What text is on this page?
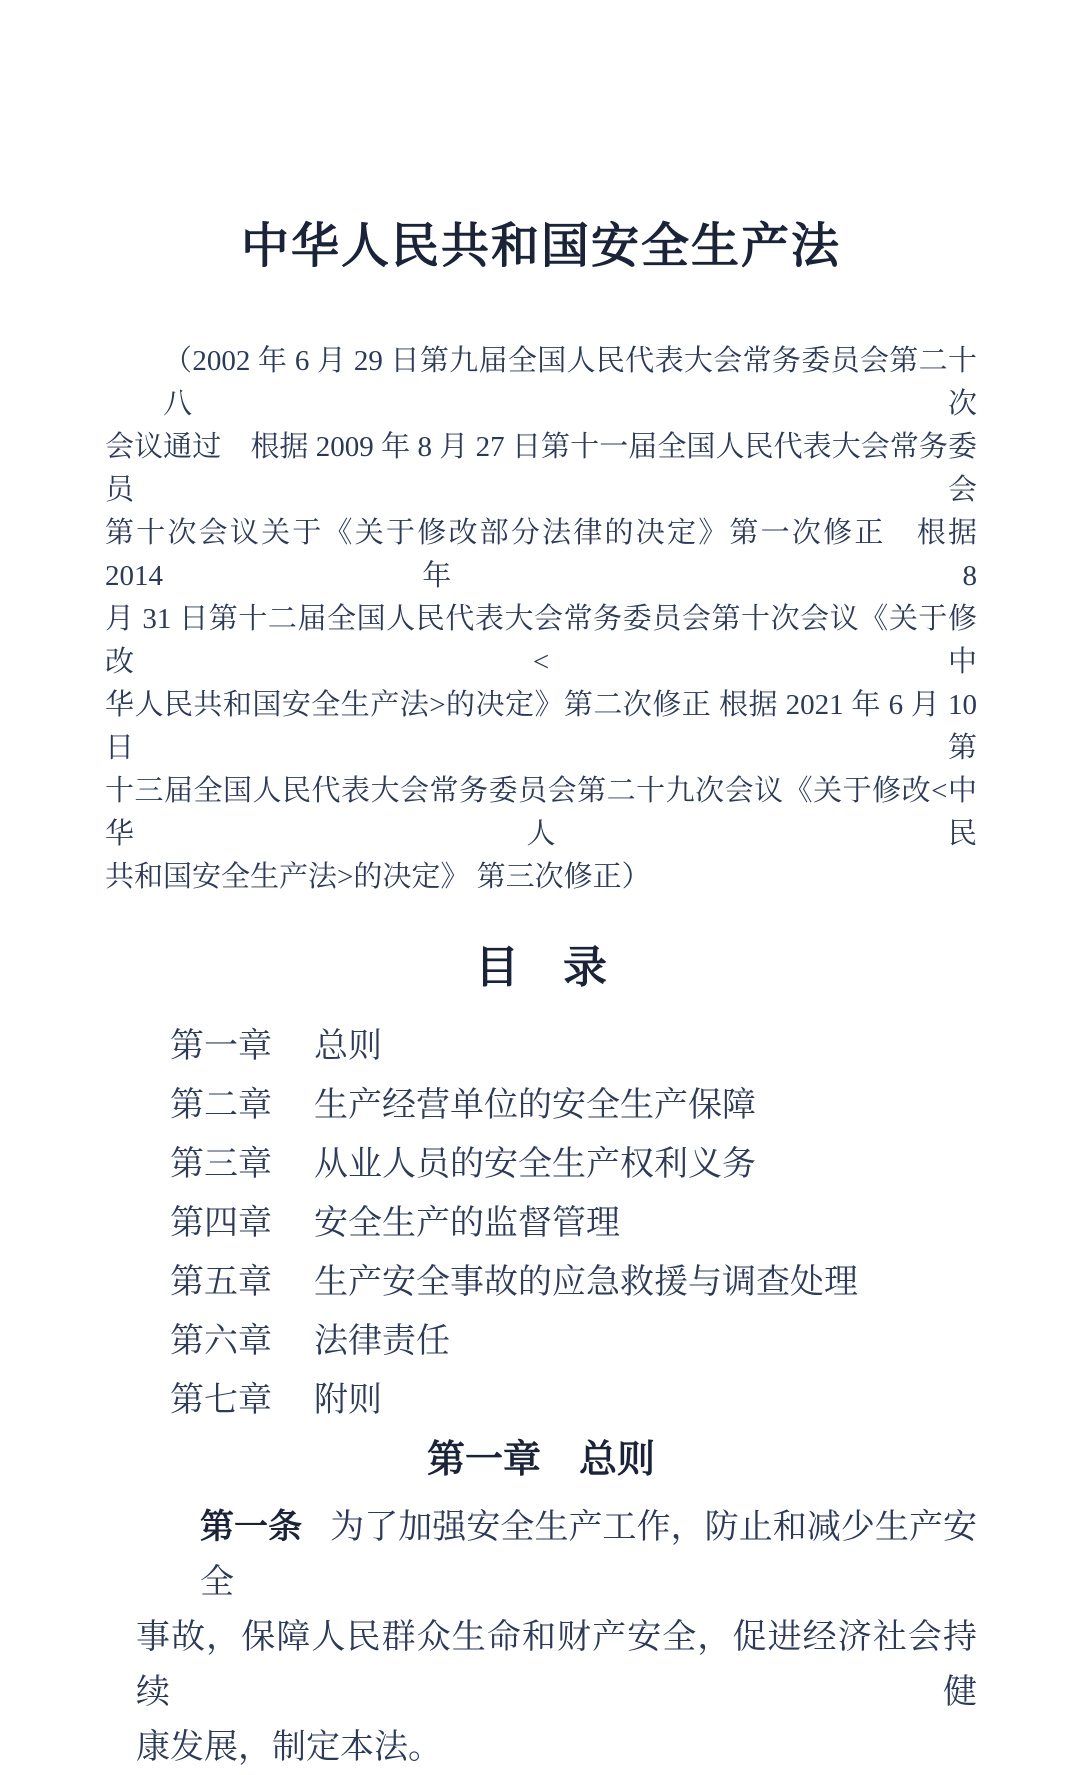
中华人民共和国安全生产法
（2002 年 6 月 29 日第九届全国人民代表大会常务委员会第二十八次
会议通过　根据 2009 年 8 月 27 日第十一届全国人民代表大会常务委员会
第十次会议关于《关于修改部分法律的决定》第一次修正　根据 2014 年 8
月 31 日第十二届全国人民代表大会常务委员会第十次会议《关于修改<中
华人民共和国安全生产法>的决定》第二次修正 根据 2021 年 6 月 10 日第
十三届全国人民代表大会常务委员会第二十九次会议《关于修改<中华人民
共和国安全生产法>的决定》 第三次修正）
目　录
第一章 总则
第二章 生产经营单位的安全生产保障
第三章 从业人员的安全生产权利义务
第四章 安全生产的监督管理
第五章 生产安全事故的应急救援与调查处理
第六章 法律责任
第七章 附则
第一章　总则
第一条 为了加强安全生产工作，防止和减少生产安全
事故，保障人民群众生命和财产安全，促进经济社会持续健
康发展，制定本法。
